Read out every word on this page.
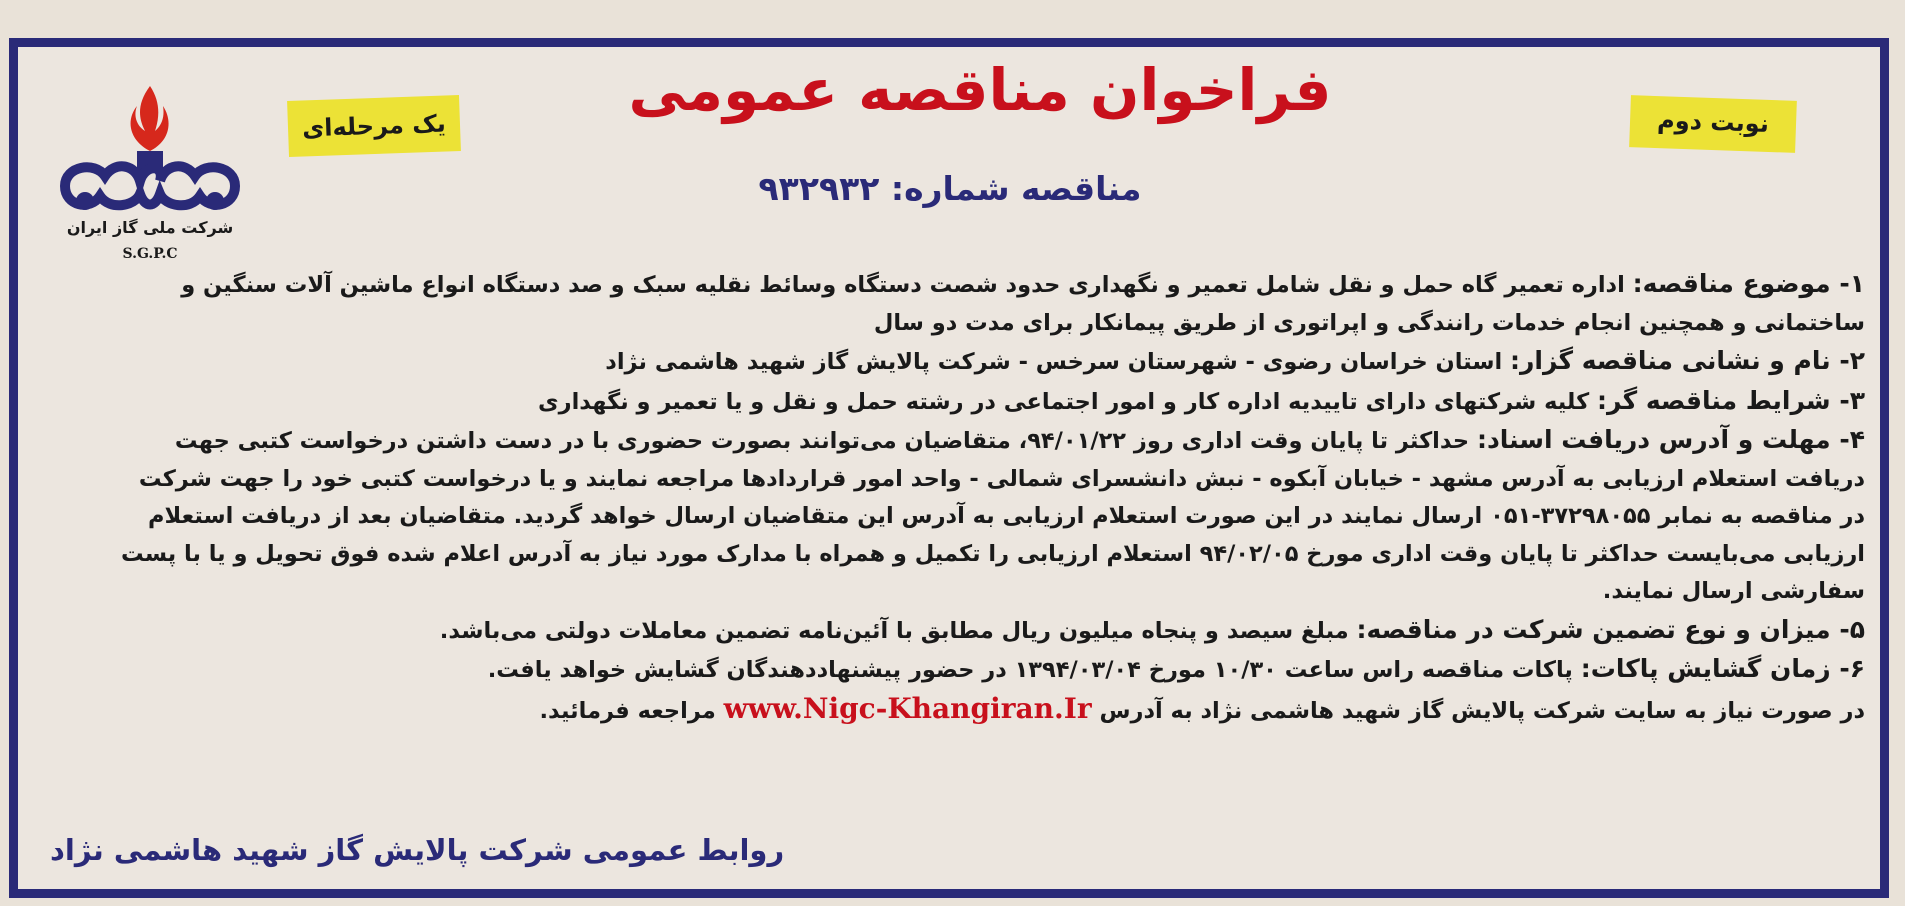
شرکت ملی گاز ایران
S.G.P.C
یک مرحله‌ای	نوبت دوم
فراخوان مناقصه عمومی
مناقصه شماره: ۹۳۲۹۳۲
۱- موضوع مناقصه: اداره تعمیر گاه حمل و نقل شامل تعمیر و نگهداری حدود شصت دستگاه وسائط نقلیه سبک و صد دستگاه انواع ماشین آلات سنگین و
ساختمانی و همچنین انجام خدمات رانندگی و اپراتوری از طریق پیمانکار برای مدت دو سال
۲- نام و نشانی مناقصه گزار: استان خراسان رضوی - شهرستان سرخس - شرکت پالایش گاز شهید هاشمی نژاد
۳- شرایط مناقصه گر: کلیه شرکتهای دارای تاییدیه اداره کار و امور اجتماعی در رشته حمل و نقل و یا تعمیر و نگهداری
۴- مهلت و آدرس دریافت اسناد: حداکثر تا پایان وقت اداری روز ۹۴/۰۱/۲۲، متقاضیان می‌توانند بصورت حضوری با در دست داشتن درخواست کتبی جهت
دریافت استعلام ارزیابی به آدرس مشهد - خیابان آبکوه - نبش دانشسرای شمالی - واحد امور قراردادها مراجعه نمایند و یا درخواست کتبی خود را جهت شرکت
در مناقصه به نمابر ۳۷۲۹۸۰۵۵-۰۵۱ ارسال نمایند در این صورت استعلام ارزیابی به آدرس این متقاضیان ارسال خواهد گردید. متقاضیان بعد از دریافت استعلام
ارزیابی می‌بایست حداکثر تا پایان وقت اداری مورخ ۹۴/۰۲/۰۵ استعلام ارزیابی را تکمیل و همراه با مدارک مورد نیاز به آدرس اعلام شده فوق تحویل و یا با پست
سفارشی ارسال نمایند.
۵- میزان و نوع تضمین شرکت در مناقصه: مبلغ سیصد و پنجاه میلیون ریال مطابق با آئین‌نامه تضمین معاملات دولتی می‌باشد.
۶- زمان گشایش پاکات: پاکات مناقصه راس ساعت ۱۰/۳۰ مورخ ۱۳۹۴/۰۳/۰۴ در حضور پیشنهاددهندگان گشایش خواهد یافت.
در صورت نیاز به سایت شرکت پالایش گاز شهید هاشمی نژاد به آدرس www.Nigc-Khangiran.Ir مراجعه فرمائید.
روابط عمومی شرکت پالایش گاز شهید هاشمی نژاد
